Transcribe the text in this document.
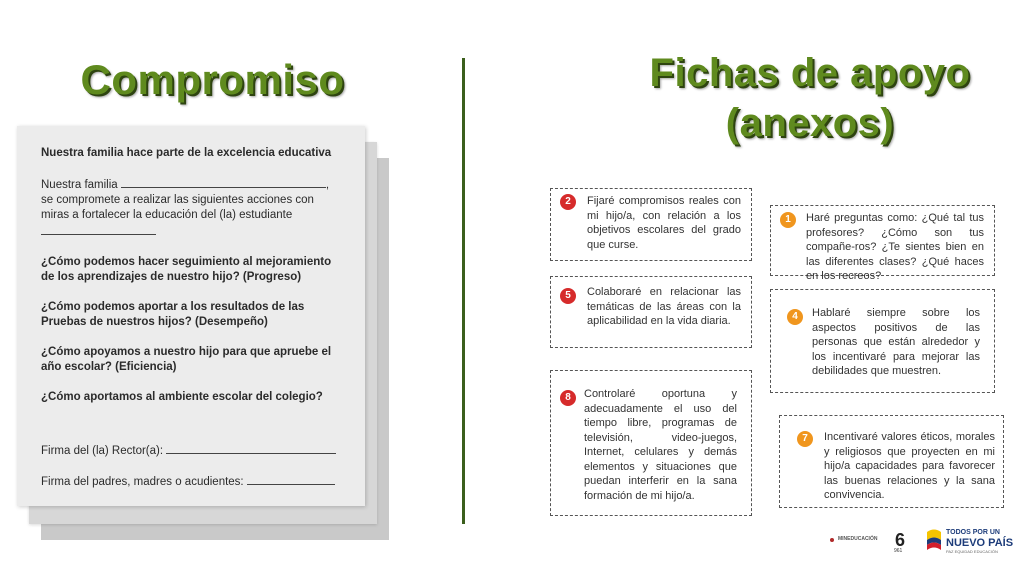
Compromiso	Fichas de apoyo
(anexos)

Nuestra familia hace parte de la excelencia educativa

Nuestra familia	,

se compromete a realizar las siguientes acciones con

miras a fortalecer la educación del (la) estudiante

¿Cómo podemos hacer seguimiento al mejoramiento de los aprendizajes de nuestro hijo? (Progreso)

¿Cómo podemos aportar a los resultados de las Pruebas de nuestros hijos? (Desempeño)

¿Cómo apoyamos a nuestro hijo para que apruebe el año escolar? (Eficiencia)

¿Cómo aportamos al ambiente escolar del colegio?

Firma del (la) Rector(a):

Firma del padres, madres o acudientes:

2	Fijaré compromisos reales con mi hijo/a, con relación a los objetivos escolares del grado que curse.
1	Haré preguntas como: ¿Qué tal tus profesores? ¿Cómo son tus compañe-ros? ¿Te sientes bien en las diferentes clases? ¿Qué haces en los recreos?
5	Colaboraré en relacionar las temáticas de las áreas con la aplicabilidad en la vida diaria.	4	Hablaré siempre sobre los aspectos positivos de las personas que están alrededor y los incentivaré para mejorar las debilidades que muestren.
8	Controlaré oportuna y adecuadamente el uso del tiempo libre, programas de televisión, video-juegos, Internet, celulares y demás elementos y situaciones que puedan interferir en la sana formación de mi hijo/a.
7	Incentivaré valores éticos, morales y religiosos que proyecten en mi hijo/a capacidades para favorecer las buenas relaciones y la sana convivencia.
MINEDUCACIÓN 6
961
TODOS POR UN
NUEVO PAÍS
PAZ EQUIDAD EDUCACIÓN
